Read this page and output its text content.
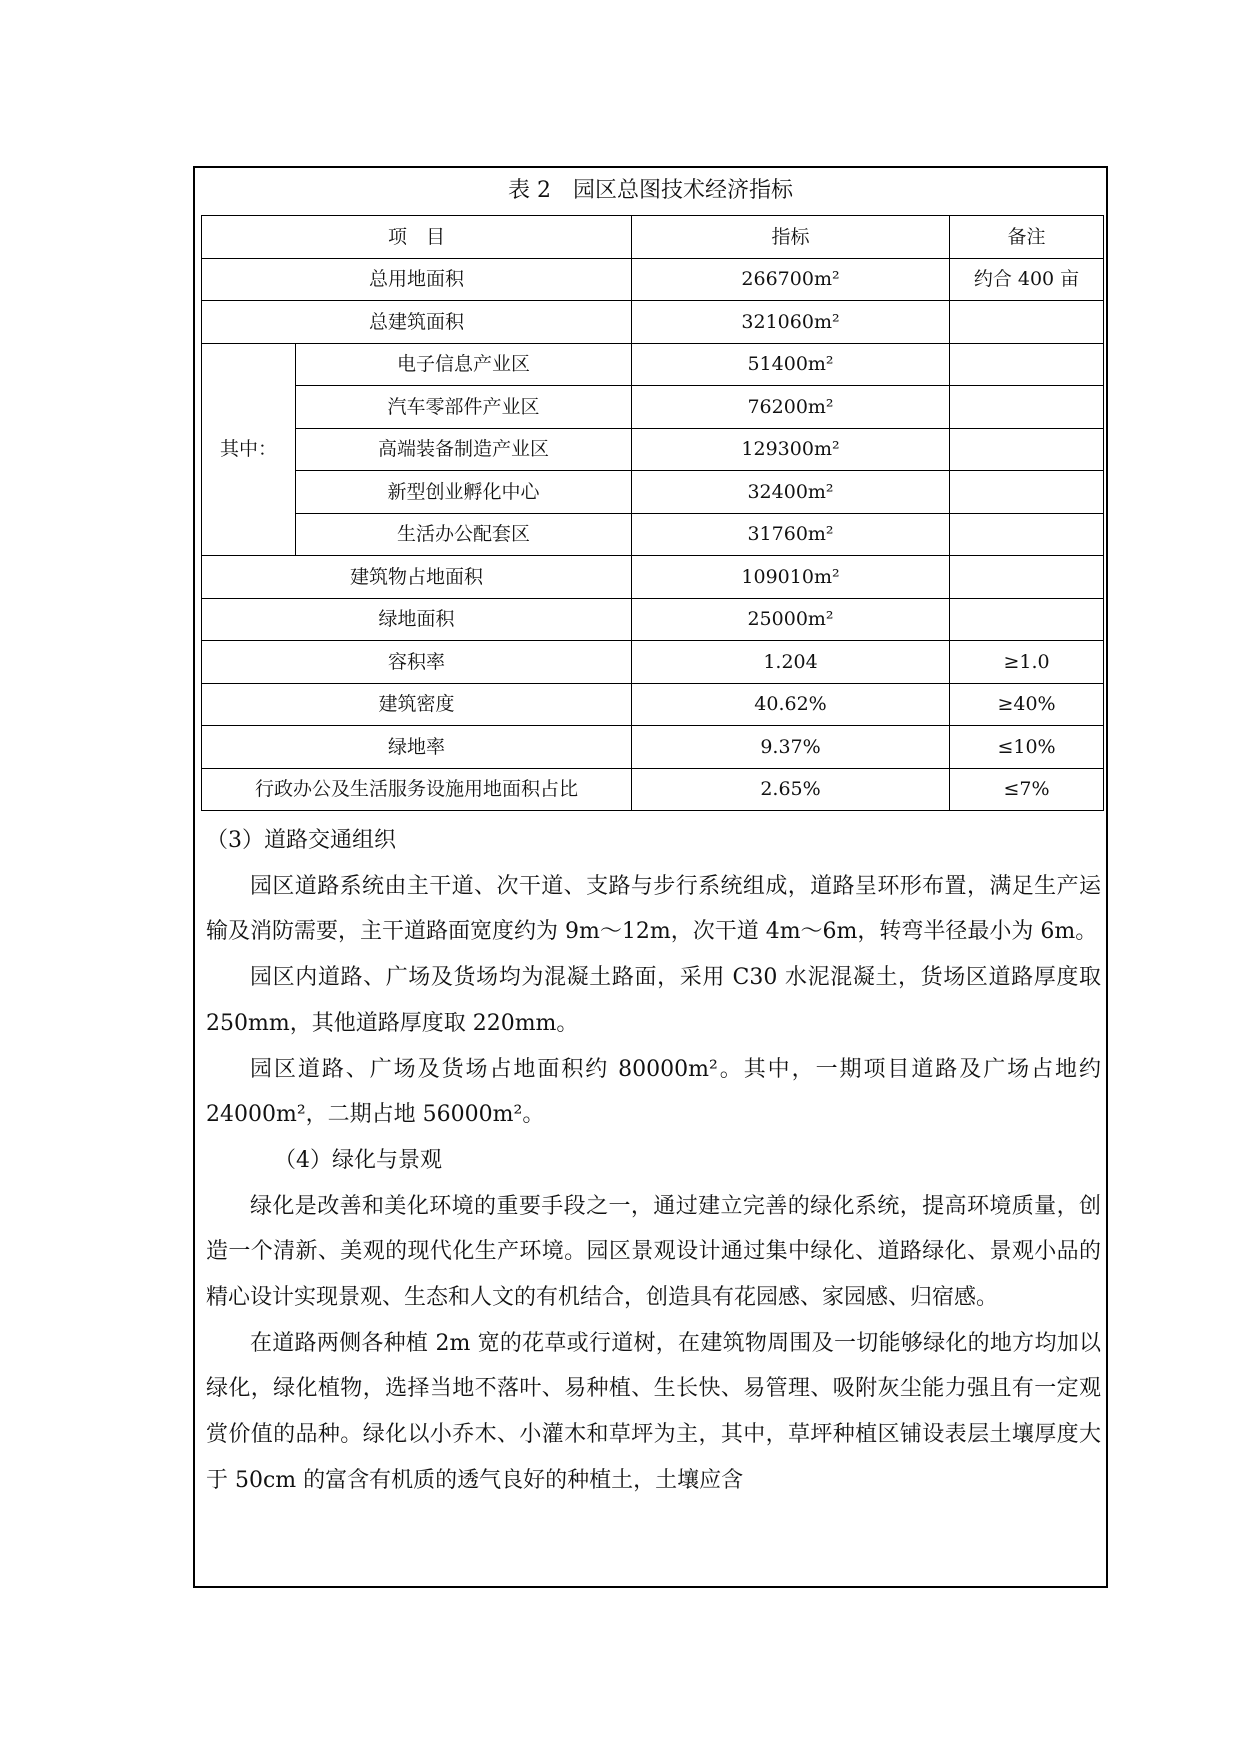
表 2　园区总图技术经济指标
项　目		指标	备注
总用地面积		266700m²	约合 400 亩
总建筑面积		321060m²	
其中：	电子信息产业区	51400m²	
	汽车零部件产业区	76200m²	
	高端装备制造产业区	129300m²	
	新型创业孵化中心	32400m²	
	生活办公配套区	31760m²	
建筑物占地面积		109010m²	
绿地面积		25000m²	
容积率		1.204	≥1.0
建筑密度		40.62%	≥40%
绿地率		9.37%	≤10%
行政办公及生活服务设施用地面积占比		2.65%	≤7%

（3）道路交通组织

园区道路系统由主干道、次干道、支路与步行系统组成，道路呈环形布置，满足生产运输及消防需要，主干道路面宽度约为 9m～12m，次干道 4m～6m，转弯半径最小为 6m。

园区内道路、广场及货场均为混凝土路面，采用 C30 水泥混凝土，货场区道路厚度取 250mm，其他道路厚度取 220mm。

园区道路、广场及货场占地面积约 80000m²。其中，一期项目道路及广场占地约 24000m²，二期占地 56000m²。

（4）绿化与景观

绿化是改善和美化环境的重要手段之一，通过建立完善的绿化系统，提高环境质量，创造一个清新、美观的现代化生产环境。园区景观设计通过集中绿化、道路绿化、景观小品的精心设计实现景观、生态和人文的有机结合，创造具有花园感、家园感、归宿感。

在道路两侧各种植 2m 宽的花草或行道树，在建筑物周围及一切能够绿化的地方均加以绿化，绿化植物，选择当地不落叶、易种植、生长快、易管理、吸附灰尘能力强且有一定观赏价值的品种。绿化以小乔木、小灌木和草坪为主，其中，草坪种植区铺设表层土壤厚度大于 50cm 的富含有机质的透气良好的种植土，土壤应含
